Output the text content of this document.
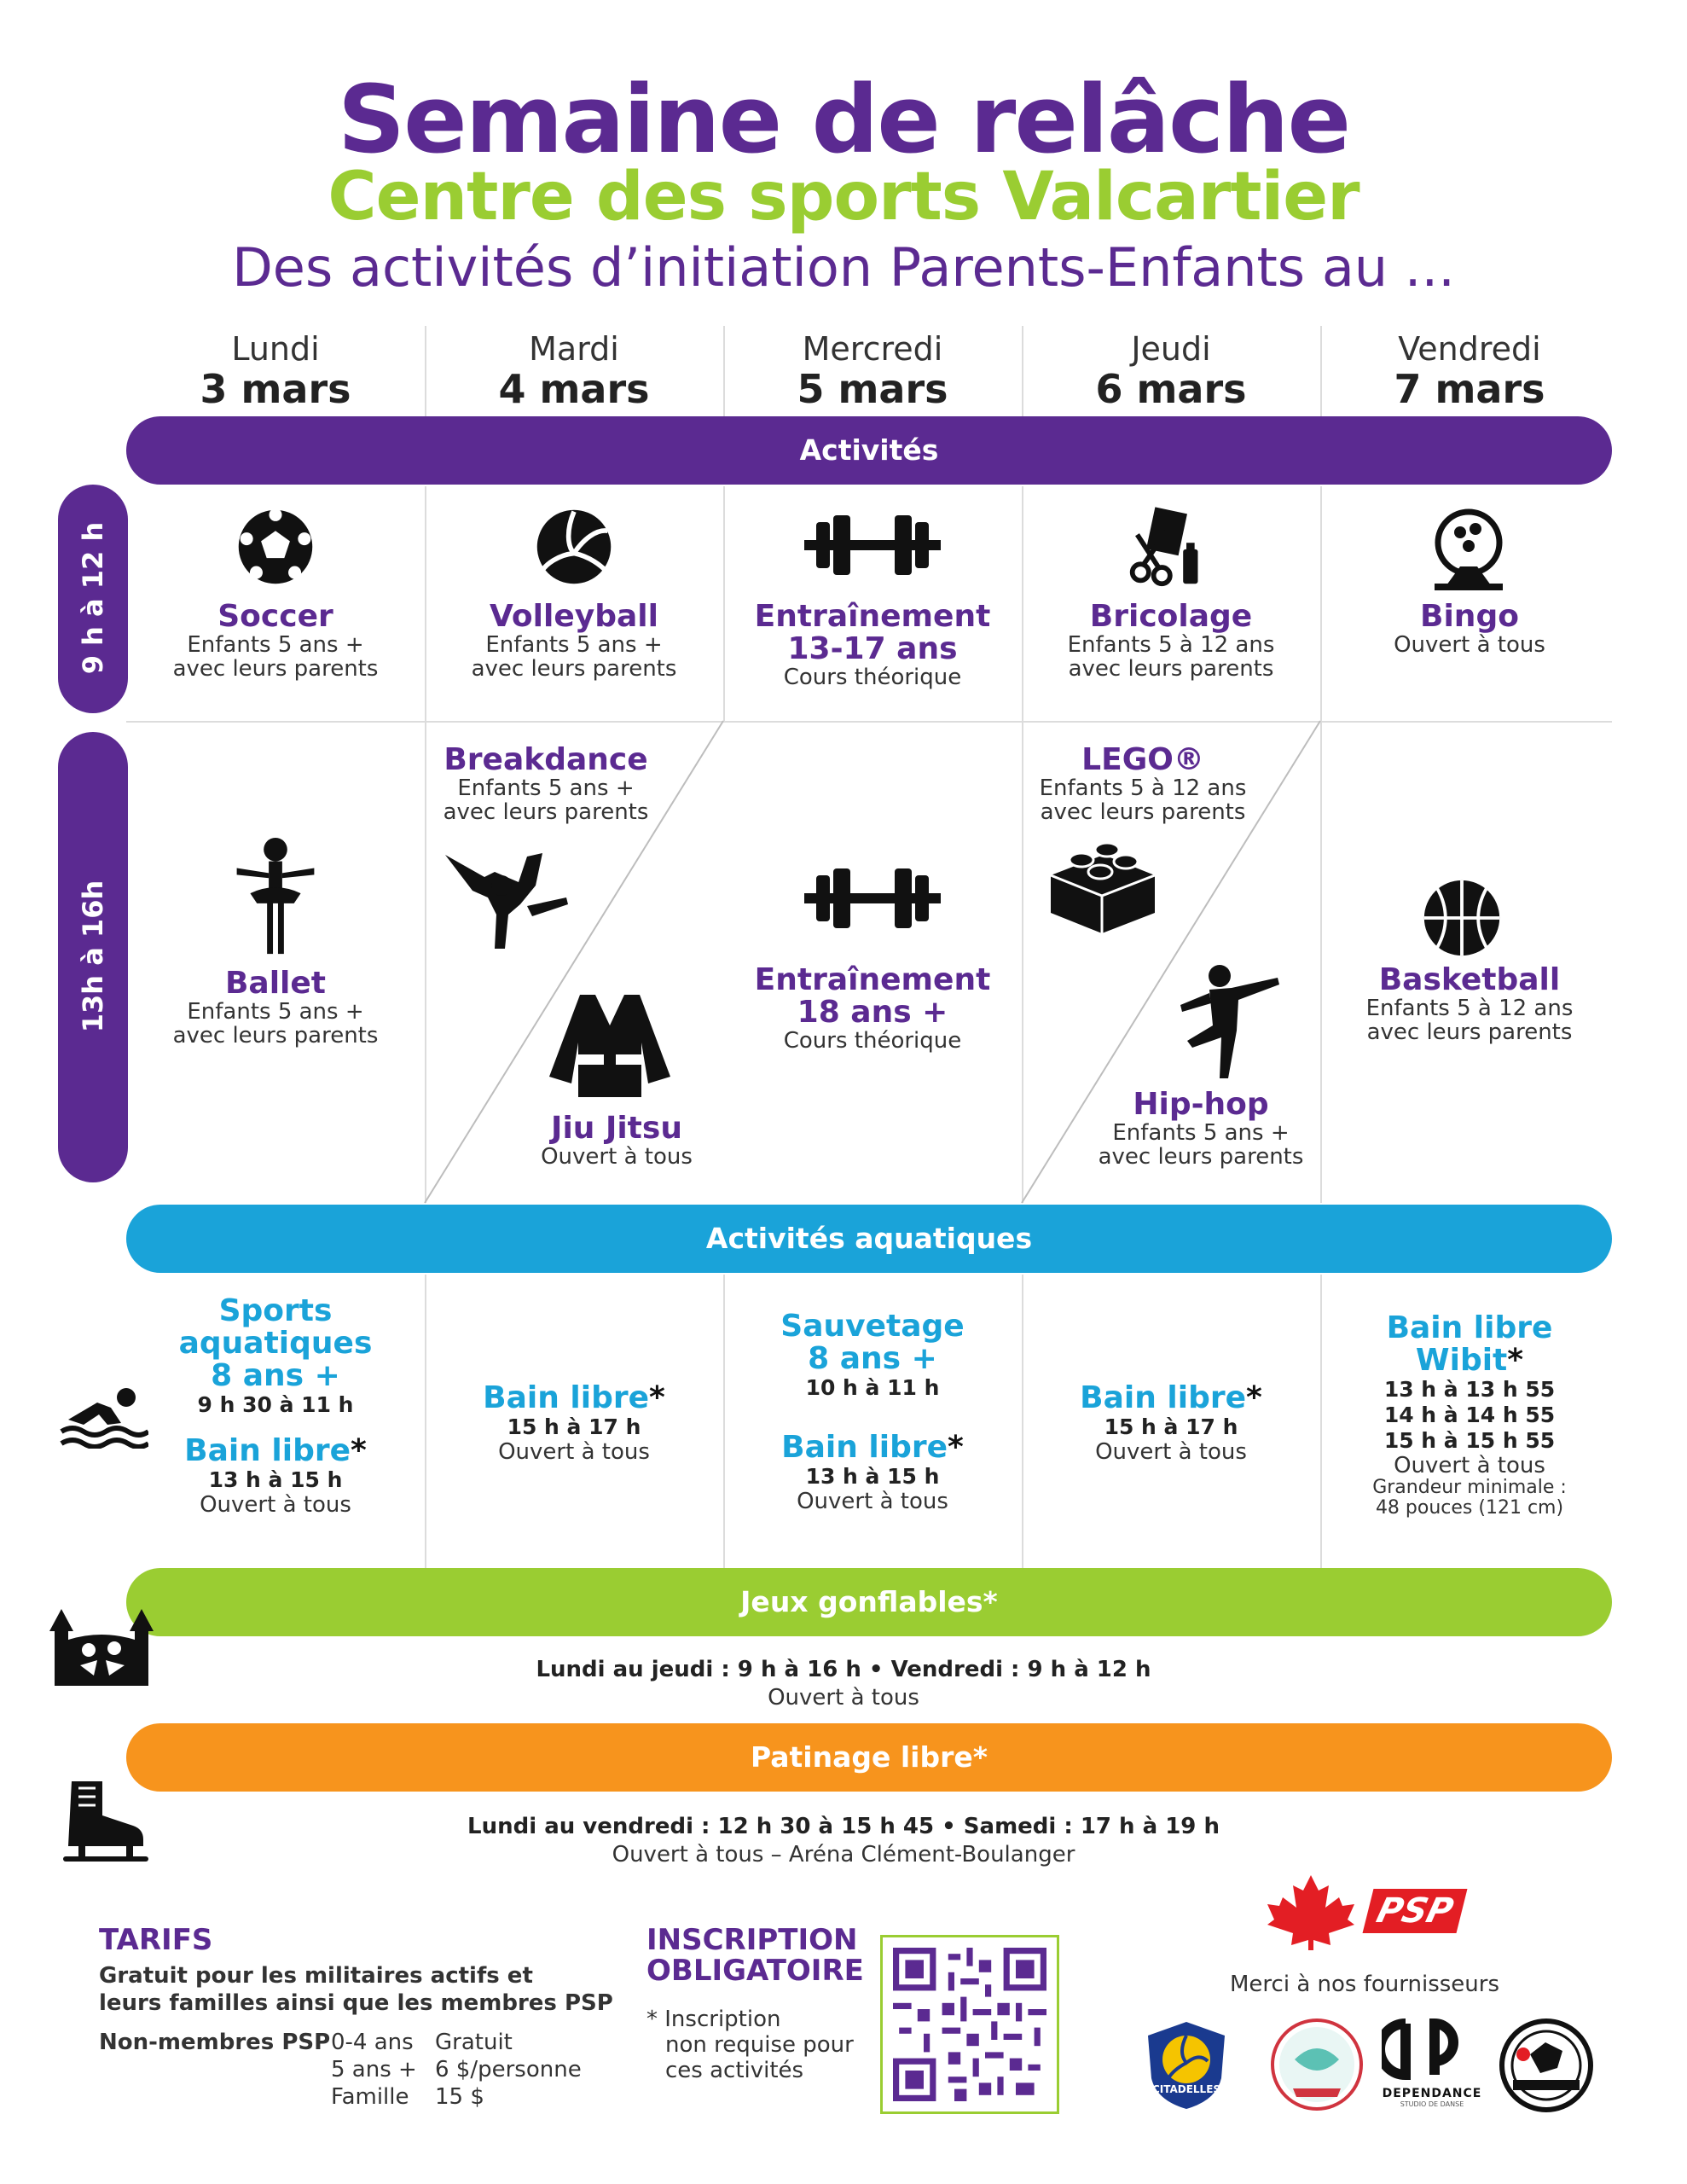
Semaine de relâche
Centre des sports Valcartier
Des activités d’initiation Parents-Enfants au ...
Lundi
3 mars
Mardi
4 mars
Mercredi
5 mars
Jeudi
6 mars
Vendredi
7 mars
Activités
Activités aquatiques
Jeux gonflables*
Patinage libre*
9 h à 12 h
13h à 16h
Soccer
Enfants 5 ans +
avec leurs parents
Volleyball
Enfants 5 ans +
avec leurs parents
Entraînement
13-17 ans
Cours théorique
Bricolage
Enfants 5 à 12 ans
avec leurs parents
Bingo
Ouvert à tous
Ballet
Enfants 5 ans +
avec leurs parents
Breakdance
Enfants 5 ans +
avec leurs parents
Jiu Jitsu
Ouvert à tous
Entraînement
18 ans +
Cours théorique
LEGO®
Enfants 5 à 12 ans
avec leurs parents
Hip-hop
Enfants 5 ans +
avec leurs parents
Basketball
Enfants 5 à 12 ans
avec leurs parents
Sports
aquatiques
8 ans +
9 h 30 à 11 h
Bain libre*
13 h à 15 h
Ouvert à tous
Bain libre*
15 h à 17 h
Ouvert à tous
Sauvetage
8 ans +
10 h à 11 h
Bain libre*
13 h à 15 h
Ouvert à tous
Bain libre*
15 h à 17 h
Ouvert à tous
Bain libre
Wibit*
13 h à 13 h 55
14 h à 14 h 55
15 h à 15 h 55
Ouvert à tous
Grandeur minimale :
48 pouces (121 cm)
Lundi au jeudi : 9 h à 16 h • Vendredi : 9 h à 12 h
Ouvert à tous
Lundi au vendredi : 12 h 30 à 15 h 45 • Samedi : 17 h à 19 h
Ouvert à tous – Aréna Clément-Boulanger
TARIFS
Gratuit pour les militaires actifs et
leurs familles ainsi que les membres PSP
Non-membres PSP 0-4 ans Gratuit
5 ans + 6 $/personne
Famille 15 $
INSCRIPTION
OBLIGATOIRE
* Inscription
non requise pour
ces activités
PSP
Merci à nos fournisseurs
CITADELLES	DEPENDANCE
STUDIO DE DANSE
